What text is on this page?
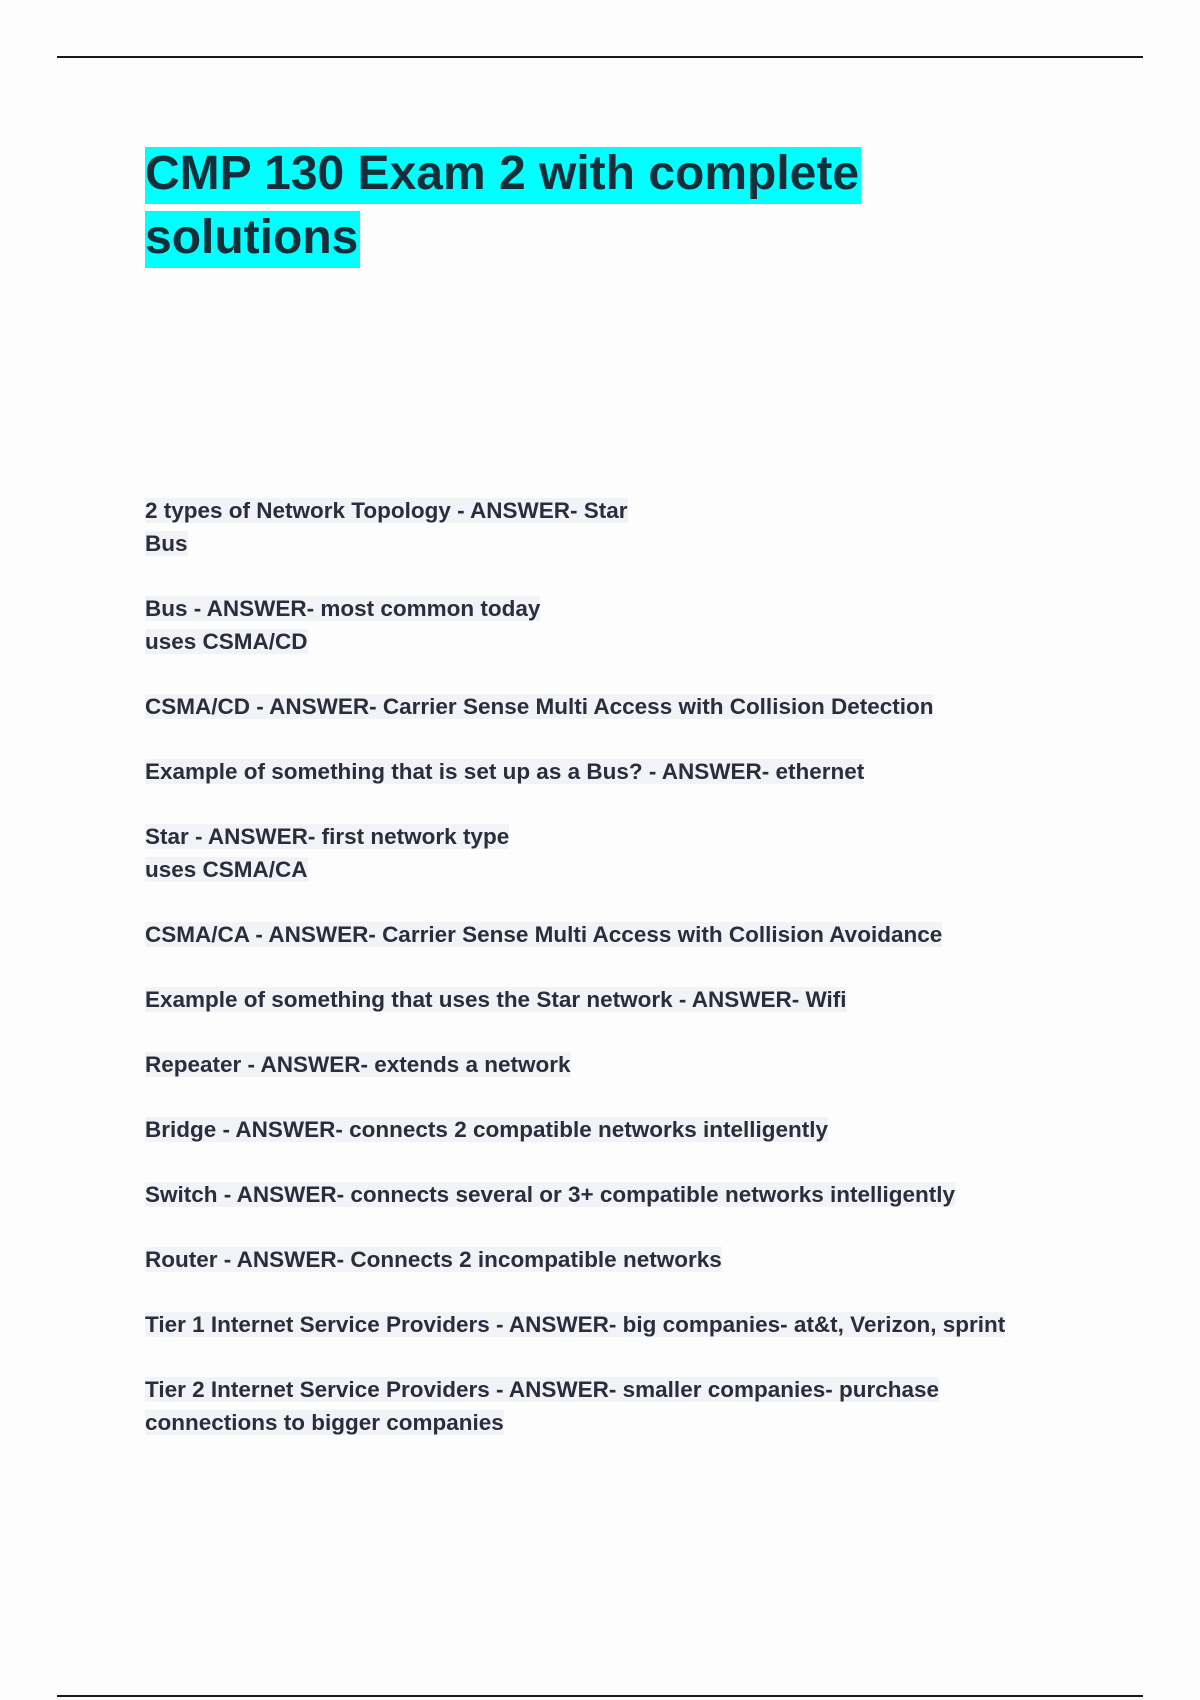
CMP 130 Exam 2 with complete
solutions

2 types of Network Topology - ANSWER- Star
Bus

Bus - ANSWER- most common today
uses CSMA/CD

CSMA/CD - ANSWER- Carrier Sense Multi Access with Collision Detection

Example of something that is set up as a Bus? - ANSWER- ethernet

Star - ANSWER- first network type
uses CSMA/CA

CSMA/CA - ANSWER- Carrier Sense Multi Access with Collision Avoidance

Example of something that uses the Star network - ANSWER- Wifi

Repeater - ANSWER- extends a network

Bridge - ANSWER- connects 2 compatible networks intelligently

Switch - ANSWER- connects several or 3+ compatible networks intelligently

Router - ANSWER- Connects 2 incompatible networks

Tier 1 Internet Service Providers - ANSWER- big companies- at&t, Verizon, sprint

Tier 2 Internet Service Providers - ANSWER- smaller companies- purchase
connections to bigger companies
